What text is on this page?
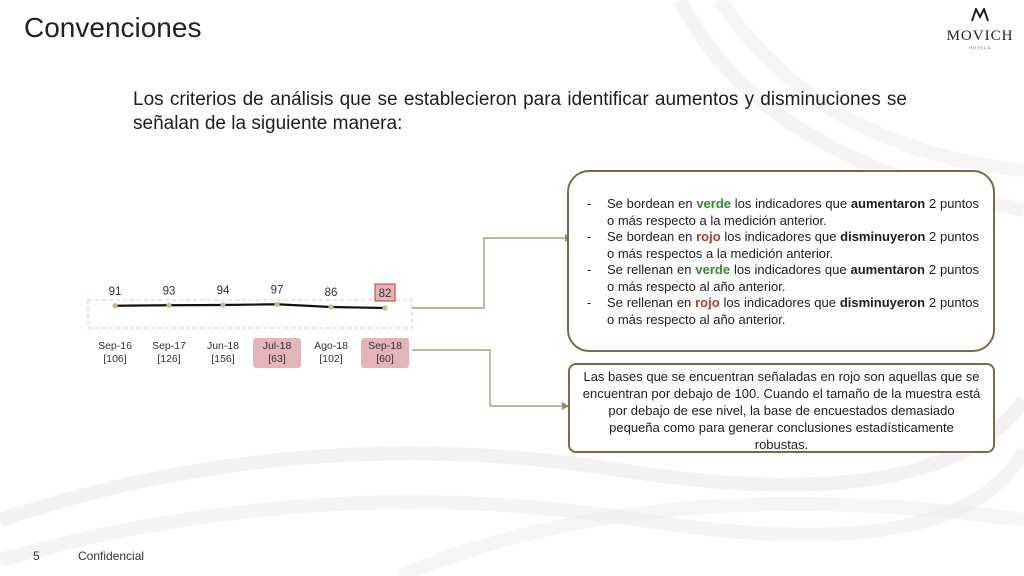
Convenciones	MOVICH
HOTELS
Los criterios de análisis que se establecieron para identificar aumentos y disminuciones se señalan de la siguiente manera:
91	93	94	97	86	82
Sep-16
[106]
Sep-17
[126]
Jun-18
[156]
Jul-18
[63]
Ago-18
[102]
Sep-18
[60]
- Se bordean en verde los indicadores que aumentaron 2 puntos o más respecto a la medición anterior.
- Se bordean en rojo los indicadores que disminuyeron 2 puntos o más respectos a la medición anterior.
- Se rellenan en verde los indicadores que aumentaron 2 puntos o más respecto al año anterior.
- Se rellenan en rojo los indicadores que disminuyeron 2 puntos o más respecto al año anterior.
Las bases que se encuentran señaladas en rojo son aquellas que se encuentran por debajo de 100. Cuando el tamaño de la muestra está por debajo de ese nivel, la base de encuestados demasiado pequeña como para generar conclusiones estadísticamente robustas.
5	Confidencial
